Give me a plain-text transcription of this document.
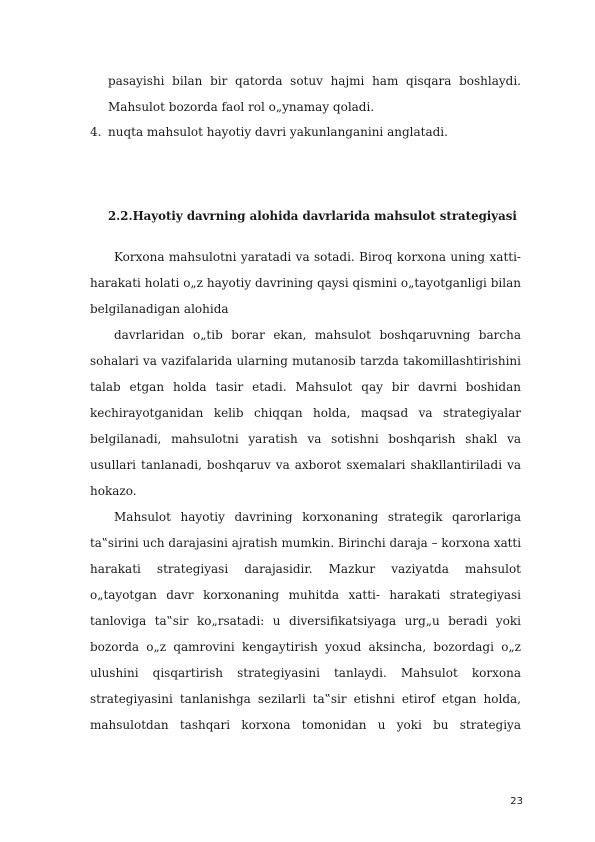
pasayishi bilan bir qatorda sotuv hajmi ham qisqara boshlaydi.
Mahsulot bozorda faol rol o„ynamay qoladi.
4. nuqta mahsulot hayotiy davri yakunlanganini anglatadi.
2.2.Hayotiy davrning alohida davrlarida mahsulot strategiyasi
Korxona mahsulotni yaratadi va sotadi. Biroq korxona uning xatti-
harakati holati o„z hayotiy davrining qaysi qismini o„tayotganligi bilan
belgilanadigan alohida
davrlaridan o„tib borar ekan, mahsulot boshqaruvning barcha
sohalari va vazifalarida ularning mutanosib tarzda takomillashtirishini
talab etgan holda tasir etadi. Mahsulot qay bir davrni boshidan
kechirayotganidan kelib chiqqan holda, maqsad va strategiyalar
belgilanadi, mahsulotni yaratish va sotishni boshqarish shakl va
usullari tanlanadi, boshqaruv va axborot sxemalari shakllantiriladi va
hokazo.
Mahsulot hayotiy davrining korxonaning strategik qarorlariga
ta‟sirini uch darajasini ajratish mumkin. Birinchi daraja – korxona xatti
harakati strategiyasi darajasidir. Mazkur vaziyatda mahsulot
o„tayotgan davr korxonaning muhitda xatti- harakati strategiyasi
tanloviga ta‟sir ko„rsatadi: u diversifikatsiyaga urg„u beradi yoki
bozorda o„z qamrovini kengaytirish yoxud aksincha, bozordagi o„z
ulushini qisqartirish strategiyasini tanlaydi. Mahsulot korxona
strategiyasini tanlanishga sezilarli ta‟sir etishni etirof etgan holda,
mahsulotdan tashqari korxona tomonidan u yoki bu strategiya
23
